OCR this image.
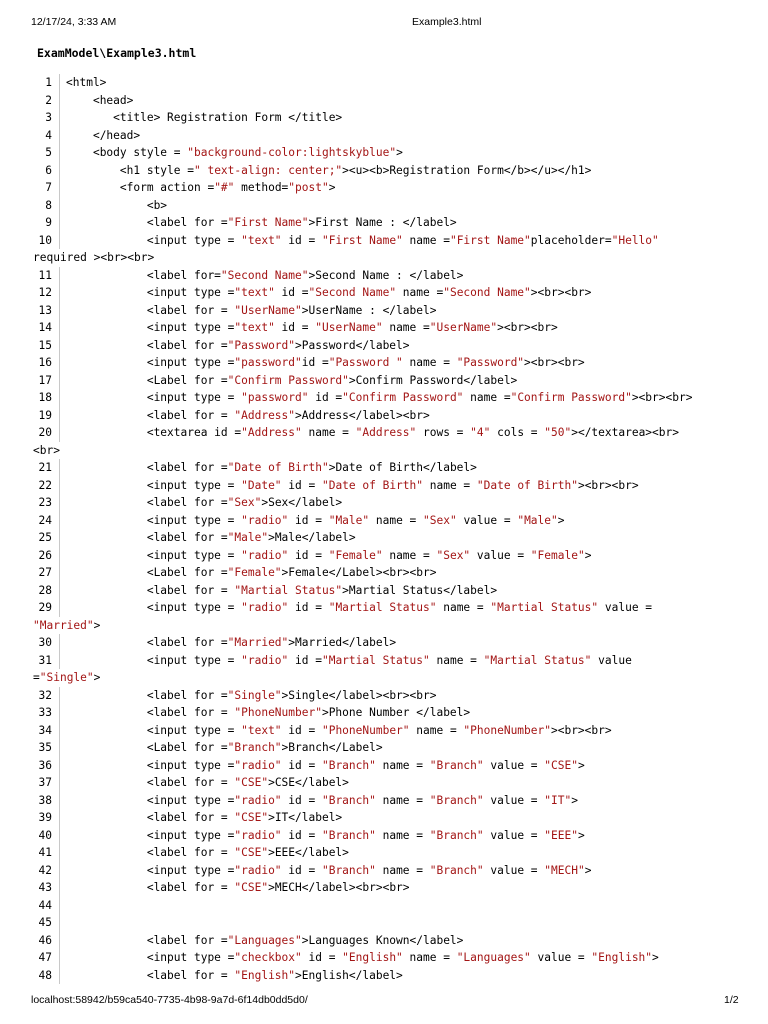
12/17/24, 3:33 AM	Example3.html
ExamModel\Example3.html
1	<html>
2	<head>
3	<title> Registration Form </title>
4	</head>
5	<body style = "background-color:lightskyblue">
6	<h1 style =" text-align: center;"><u><b>Registration Form</b></u></h1>
7	<form action ="#" method="post">
8	<b>
9	<label for ="First Name">First Name : </label>
10	<input type = "text" id = "First Name" name ="First Name"placeholder="Hello"
required ><br><br>
11	<label for="Second Name">Second Name : </label>
12	<input type ="text" id ="Second Name" name ="Second Name"><br><br>
13	<label for = "UserName">UserName : </label>
14	<input type ="text" id = "UserName" name ="UserName"><br><br>
15	<label for ="Password">Password</label>
16	<input type ="password"id ="Password " name = "Password"><br><br>
17	<Label for ="Confirm Password">Confirm Password</label>
18	<input type = "password" id ="Confirm Password" name ="Confirm Password"><br><br>
19	<label for = "Address">Address</label><br>
20	<textarea id ="Address" name = "Address" rows = "4" cols = "50"></textarea><br>
<br>
21	<label for ="Date of Birth">Date of Birth</label>
22	<input type = "Date" id = "Date of Birth" name = "Date of Birth"><br><br>
23	<label for ="Sex">Sex</label>
24	<input type = "radio" id = "Male" name = "Sex" value = "Male">
25	<label for ="Male">Male</label>
26	<input type = "radio" id = "Female" name = "Sex" value = "Female">
27	<Label for ="Female">Female</Label><br><br>
28	<label for = "Martial Status">Martial Status</label>
29	<input type = "radio" id = "Martial Status" name = "Martial Status" value =
"Married">
30	<label for ="Married">Married</label>
31	<input type = "radio" id ="Martial Status" name = "Martial Status" value
="Single">
32	<label for ="Single">Single</label><br><br>
33	<label for = "PhoneNumber">Phone Number </label>
34	<input type = "text" id = "PhoneNumber" name = "PhoneNumber"><br><br>
35	<Label for ="Branch">Branch</Label>
36	<input type ="radio" id = "Branch" name = "Branch" value = "CSE">
37	<label for = "CSE">CSE</label>
38	<input type ="radio" id = "Branch" name = "Branch" value = "IT">
39	<label for = "CSE">IT</label>
40	<input type ="radio" id = "Branch" name = "Branch" value = "EEE">
41	<label for = "CSE">EEE</label>
42	<input type ="radio" id = "Branch" name = "Branch" value = "MECH">
43	<label for = "CSE">MECH</label><br><br>
44
45
46	<label for ="Languages">Languages Known</label>
47	<input type ="checkbox" id = "English" name = "Languages" value = "English">
48	<label for = "English">English</label>
localhost:58942/b59ca540-7735-4b98-9a7d-6f14db0dd5d0/	1/2
